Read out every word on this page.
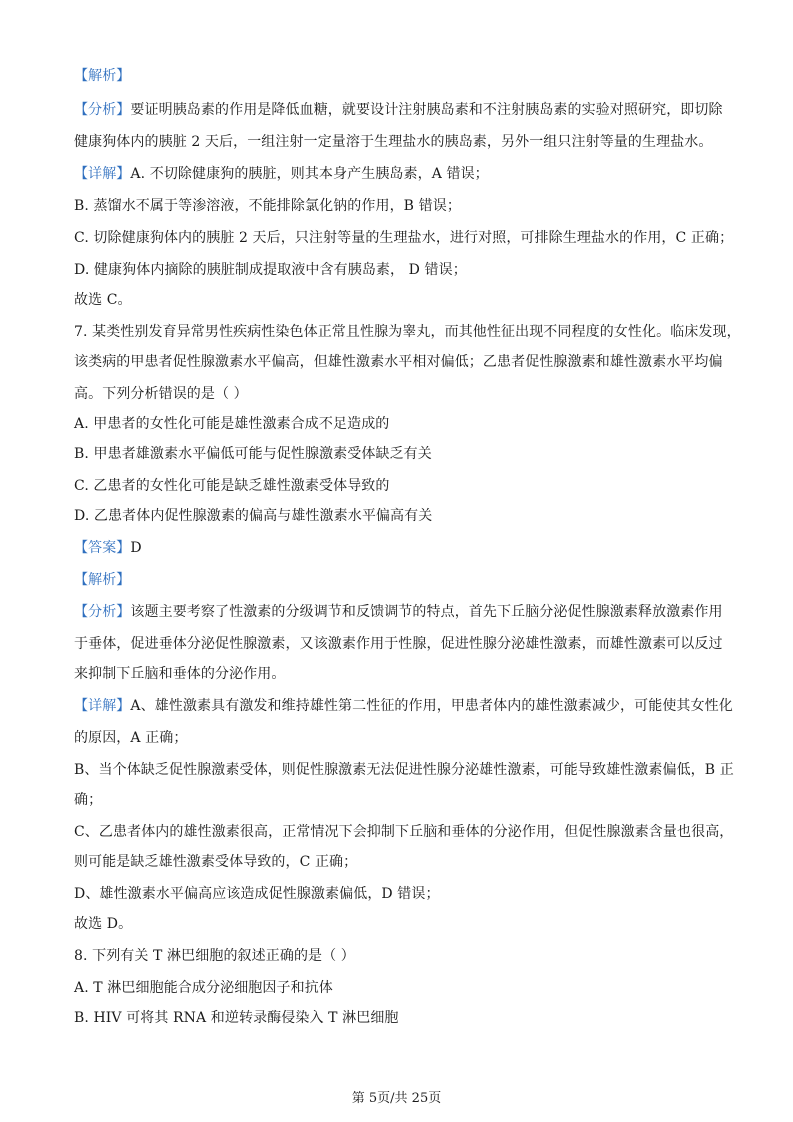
【解析】
【分析】要证明胰岛素的作用是降低血糖，就要设计注射胰岛素和不注射胰岛素的实验对照研究，即切除
健康狗体内的胰脏 2 天后，一组注射一定量溶于生理盐水的胰岛素，另外一组只注射等量的生理盐水。
【详解】A. 不切除健康狗的胰脏，则其本身产生胰岛素，A 错误；
B. 蒸馏水不属于等渗溶液，不能排除氯化钠的作用，B 错误；
C. 切除健康狗体内的胰脏 2 天后，只注射等量的生理盐水，进行对照，可排除生理盐水的作用，C 正确；
D. 健康狗体内摘除的胰脏制成提取液中含有胰岛素， D 错误；
故选 C。
7. 某类性别发育异常男性疾病性染色体正常且性腺为睾丸，而其他性征出现不同程度的女性化。临床发现，
该类病的甲患者促性腺激素水平偏高，但雄性激素水平相对偏低；乙患者促性腺激素和雄性激素水平均偏
高。下列分析错误的是（ ）
A. 甲患者的女性化可能是雄性激素合成不足造成的
B. 甲患者雄激素水平偏低可能与促性腺激素受体缺乏有关
C. 乙患者的女性化可能是缺乏雄性激素受体导致的
D. 乙患者体内促性腺激素的偏高与雄性激素水平偏高有关
【答案】D
【解析】
【分析】该题主要考察了性激素的分级调节和反馈调节的特点，首先下丘脑分泌促性腺激素释放激素作用
于垂体，促进垂体分泌促性腺激素，又该激素作用于性腺，促进性腺分泌雄性激素，而雄性激素可以反过
来抑制下丘脑和垂体的分泌作用。
【详解】A、雄性激素具有激发和维持雄性第二性征的作用，甲患者体内的雄性激素减少，可能使其女性化
的原因，A 正确；
B、当个体缺乏促性腺激素受体，则促性腺激素无法促进性腺分泌雄性激素，可能导致雄性激素偏低，B 正
确；
C、乙患者体内的雄性激素很高，正常情况下会抑制下丘脑和垂体的分泌作用，但促性腺激素含量也很高，
则可能是缺乏雄性激素受体导致的，C 正确；
D、雄性激素水平偏高应该造成促性腺激素偏低，D 错误；
故选 D。
8. 下列有关 T 淋巴细胞的叙述正确的是（ ）
A. T 淋巴细胞能合成分泌细胞因子和抗体
B. HIV 可将其 RNA 和逆转录酶侵染入 T 淋巴细胞
第 5页/共 25页
